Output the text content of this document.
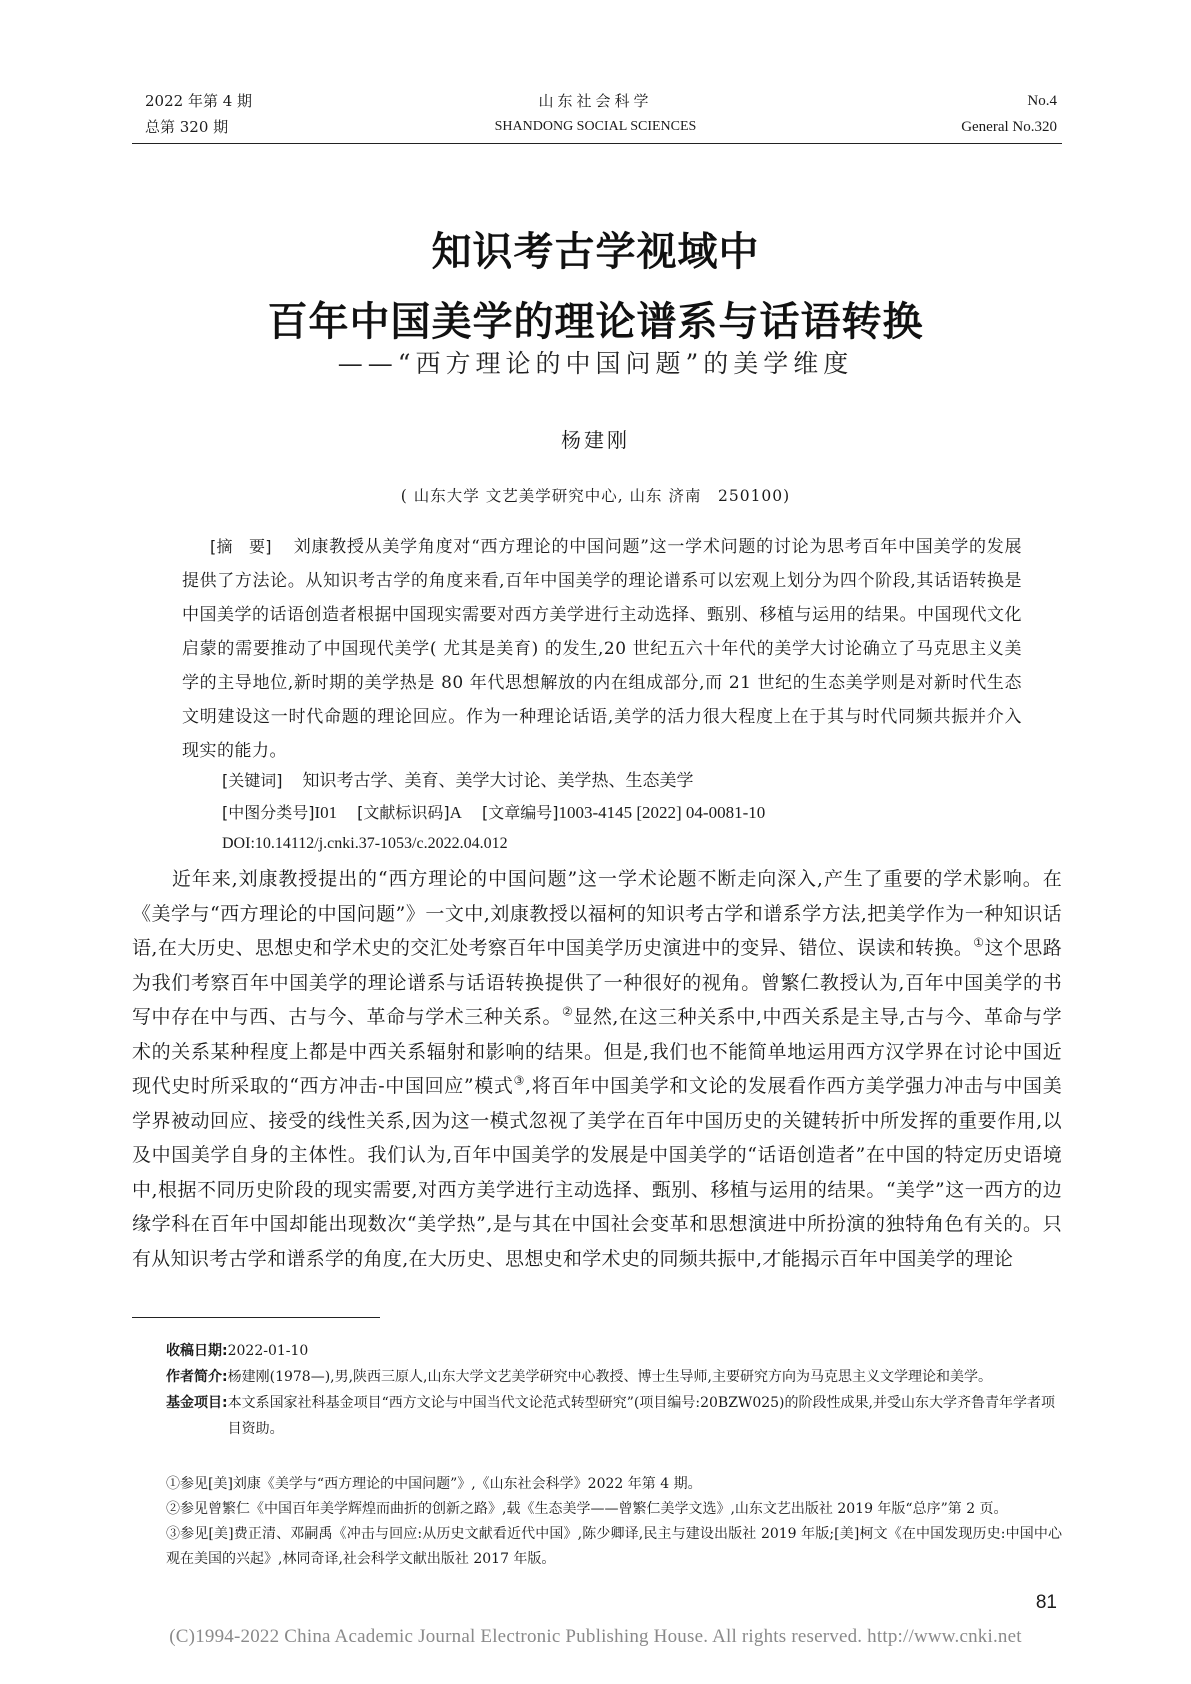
2022 年第 4 期
总第 320 期
山东社会科学
SHANDONG SOCIAL SCIENCES
No.4
General No.320
知识考古学视域中
百年中国美学的理论谱系与话语转换
——“西方理论的中国问题”的美学维度
杨建刚
( 山东大学 文艺美学研究中心, 山东 济南　250100)
[摘　要] 刘康教授从美学角度对“西方理论的中国问题”这一学术问题的讨论为思考百年中国美学的发展提供了方法论。从知识考古学的角度来看,百年中国美学的理论谱系可以宏观上划分为四个阶段,其话语转换是中国美学的话语创造者根据中国现实需要对西方美学进行主动选择、甄别、移植与运用的结果。中国现代文化启蒙的需要推动了中国现代美学( 尤其是美育) 的发生,20 世纪五六十年代的美学大讨论确立了马克思主义美学的主导地位,新时期的美学热是 80 年代思想解放的内在组成部分,而 21 世纪的生态美学则是对新时代生态文明建设这一时代命题的理论回应。作为一种理论话语,美学的活力很大程度上在于其与时代同频共振并介入现实的能力。
[关键词] 知识考古学、美育、美学大讨论、美学热、生态美学
[中图分类号]I01 [文献标识码]A [文章编号]1003-4145 [2022] 04-0081-10
DOI:10.14112/j.cnki.37-1053/c.2022.04.012
近年来,刘康教授提出的“西方理论的中国问题”这一学术论题不断走向深入,产生了重要的学术影响。在《美学与“西方理论的中国问题”》一文中,刘康教授以福柯的知识考古学和谱系学方法,把美学作为一种知识话语,在大历史、思想史和学术史的交汇处考察百年中国美学历史演进中的变异、错位、误读和转换。①这个思路为我们考察百年中国美学的理论谱系与话语转换提供了一种很好的视角。曾繁仁教授认为,百年中国美学的书写中存在中与西、古与今、革命与学术三种关系。②显然,在这三种关系中,中西关系是主导,古与今、革命与学术的关系某种程度上都是中西关系辐射和影响的结果。但是,我们也不能简单地运用西方汉学界在讨论中国近现代史时所采取的“西方冲击-中国回应”模式③,将百年中国美学和文论的发展看作西方美学强力冲击与中国美学界被动回应、接受的线性关系,因为这一模式忽视了美学在百年中国历史的关键转折中所发挥的重要作用,以及中国美学自身的主体性。我们认为,百年中国美学的发展是中国美学的“话语创造者”在中国的特定历史语境中,根据不同历史阶段的现实需要,对西方美学进行主动选择、甄别、移植与运用的结果。“美学”这一西方的边缘学科在百年中国却能出现数次“美学热”,是与其在中国社会变革和思想演进中所扮演的独特角色有关的。只有从知识考古学和谱系学的角度,在大历史、思想史和学术史的同频共振中,才能揭示百年中国美学的理论
收稿日期: 2022-01-10
作者简介: 杨建刚(1978—),男,陕西三原人,山东大学文艺美学研究中心教授、博士生导师,主要研究方向为马克思主义文学理论和美学。
基金项目: 本文系国家社科基金项目“西方文论与中国当代文论范式转型研究”(项目编号:20BZW025)的阶段性成果,并受山东大学齐鲁青年学者项目资助。
①参见[美]刘康《美学与“西方理论的中国问题”》,《山东社会科学》2022 年第 4 期。
②参见曾繁仁《中国百年美学辉煌而曲折的创新之路》,载《生态美学——曾繁仁美学文选》,山东文艺出版社 2019 年版“总序”第 2 页。
③参见[美]费正清、邓嗣禹《冲击与回应:从历史文献看近代中国》,陈少卿译,民主与建设出版社 2019 年版;[美]柯文《在中国发现历史:中国中心观在美国的兴起》,林同奇译,社会科学文献出版社 2017 年版。
81
(C)1994-2022 China Academic Journal Electronic Publishing House. All rights reserved. http://www.cnki.net
